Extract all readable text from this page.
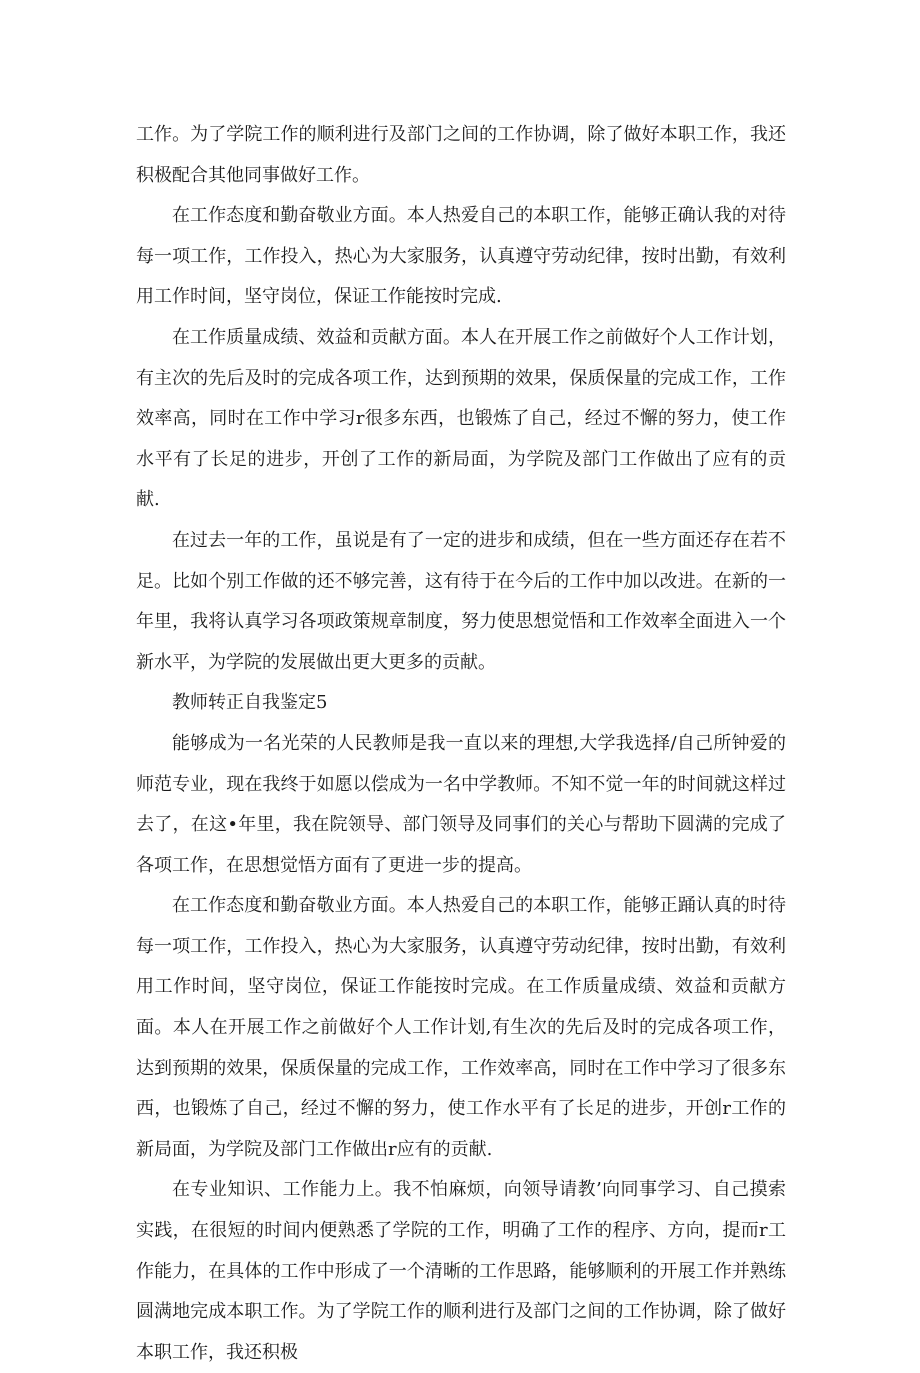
工作。为了学院工作的顺利进行及部门之间的工作协调，除了做好本职工作，我还积极配合其他同事做好工作。

在工作态度和勤奋敬业方面。本人热爱自己的本职工作，能够正确认我的对待每一项工作，工作投入，热心为大家服务，认真遵守劳动纪律，按时出勤，有效利用工作时间，坚守岗位，保证工作能按时完成.

在工作质量成绩、效益和贡献方面。本人在开展工作之前做好个人工作计划，有主次的先后及时的完成各项工作，达到预期的效果，保质保量的完成工作，工作效率高，同时在工作中学习r很多东西，也锻炼了自己，经过不懈的努力，使工作水平有了长足的进步，开创了工作的新局面，为学院及部门工作做出了应有的贡献.

在过去一年的工作，虽说是有了一定的进步和成绩，但在一些方面还存在若不足。比如个别工作做的还不够完善，这有待于在今后的工作中加以改进。在新的一年里，我将认真学习各项政策规章制度，努力使思想觉悟和工作效率全面进入一个新水平，为学院的发展做出更大更多的贡献。

教师转正自我鉴定5

能够成为一名光荣的人民教师是我一直以来的理想,大学我选择/自己所钟爱的师范专业，现在我终于如愿以偿成为一名中学教师。不知不觉一年的时间就这样过去了，在这•年里，我在院领导、部门领导及同事们的关心与帮助下圆满的完成了各项工作，在思想觉悟方面有了更进一步的提高。

在工作态度和勤奋敬业方面。本人热爱自己的本职工作，能够正踊认真的时待每一项工作，工作投入，热心为大家服务，认真遵守劳动纪律，按时出勤，有效利用工作时间，坚守岗位，保证工作能按时完成。在工作质量成绩、效益和贡献方面。本人在开展工作之前做好个人工作计划,有生次的先后及时的完成各项工作，达到预期的效果，保质保量的完成工作，工作效率高，同时在工作中学习了很多东西，也锻炼了自己，经过不懈的努力，使工作水平有了长足的进步，开创r工作的新局面，为学院及部门工作做出r应有的贡献.

在专业知识、工作能力上。我不怕麻烦，向领导请教’向同事学习、自己摸索实践，在很短的时间内便熟悉了学院的工作，明确了工作的程序、方向，提而r工作能力，在具体的工作中形成了一个清晰的工作思路，能够顺利的开展工作并熟练圆满地完成本职工作。为了学院工作的顺利进行及部门之间的工作协调，除了做好本职工作，我还积极
